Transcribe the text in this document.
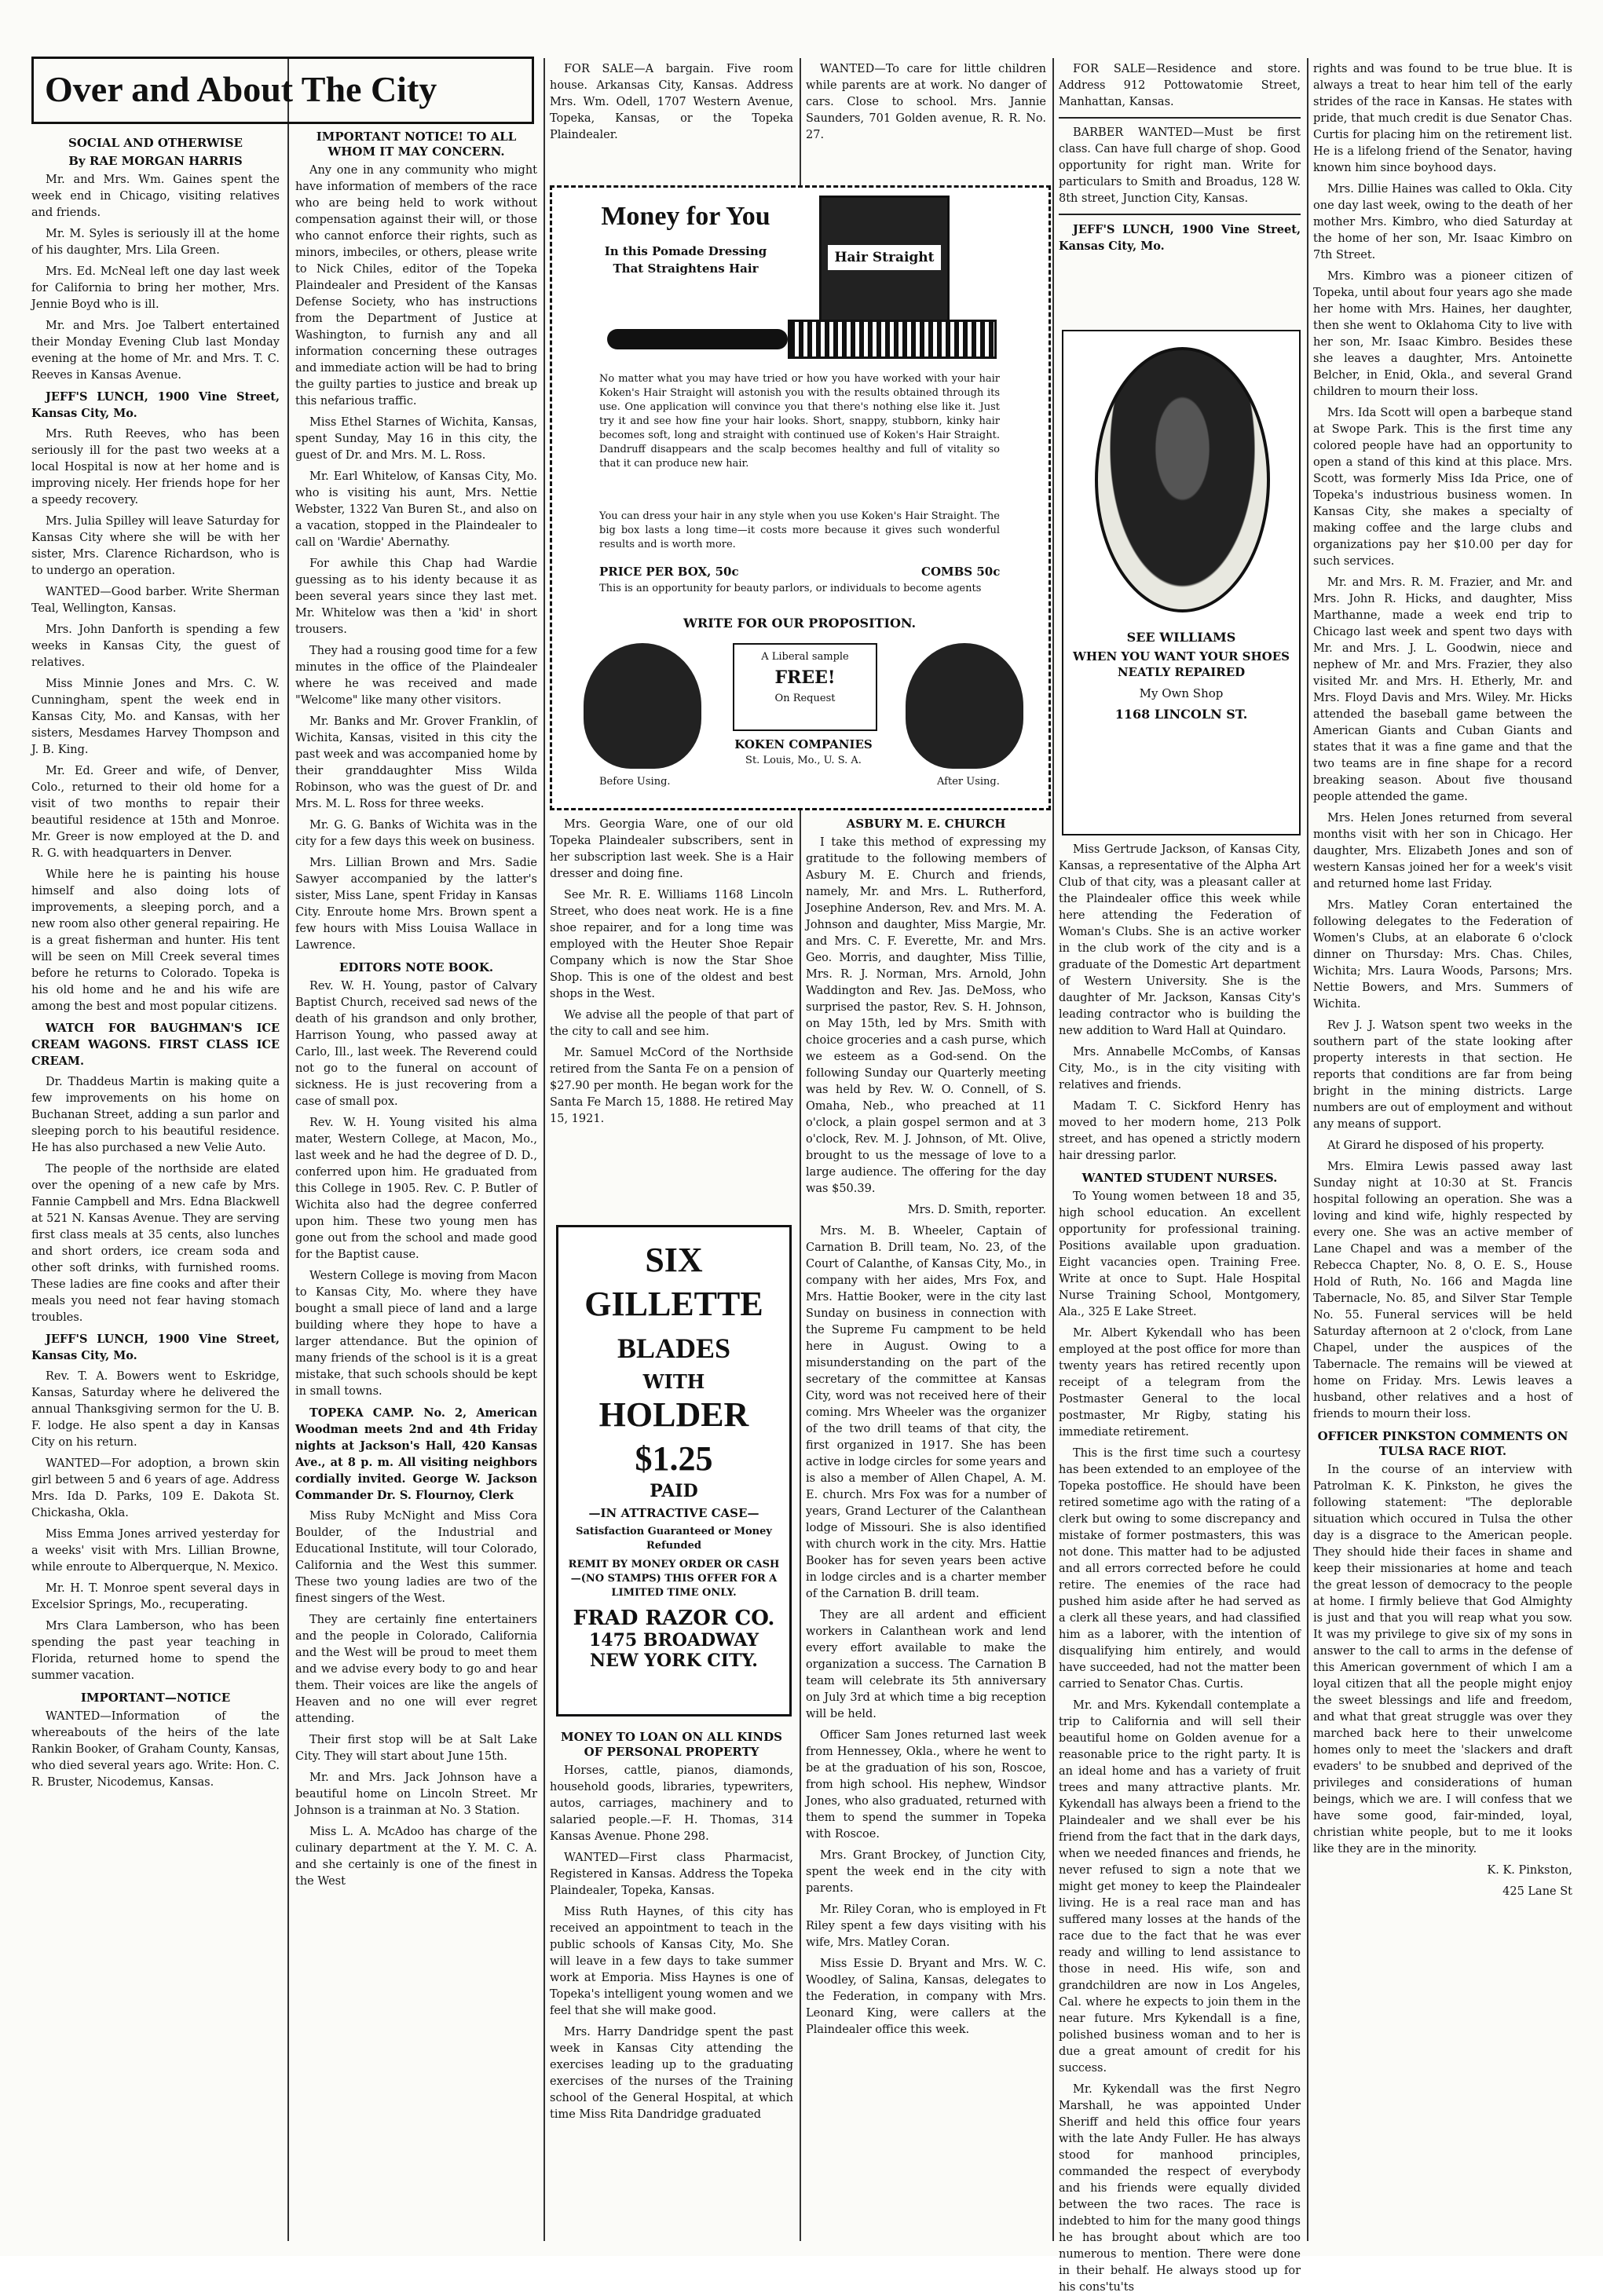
Over and About The City
SOCIAL AND OTHERWISE
By RAE MORGAN HARRIS

Mr. and Mrs. Wm. Gaines spent the week end in Chicago, visiting relatives and friends.

Mr. M. Syles is seriously ill at the home of his daughter, Mrs. Lila Green.

Mrs. Ed. McNeal left one day last week for California to bring her mother, Mrs. Jennie Boyd who is ill.

Mr. and Mrs. Joe Talbert entertained their Monday Evening Club last Monday evening at the home of Mr. and Mrs. T. C. Reeves in Kansas Avenue.

JEFF'S LUNCH, 1900 Vine Street, Kansas City, Mo.

Mrs. Ruth Reeves, who has been seriously ill for the past two weeks at a local Hospital is now at her home and is improving nicely. Her friends hope for her a speedy recovery.

Mrs. Julia Spilley will leave Saturday for Kansas City where she will be with her sister, Mrs. Clarence Richardson, who is to undergo an operation.

WANTED—Good barber. Write Sherman Teal, Wellington, Kansas.

Mrs. John Danforth is spending a few weeks in Kansas City, the guest of relatives.

Miss Minnie Jones and Mrs. C. W. Cunningham, spent the week end in Kansas City, Mo. and Kansas, with her sisters, Mesdames Harvey Thompson and J. B. King.

Mr. Ed. Greer and wife, of Denver, Colo., returned to their old home for a visit of two months to repair their beautiful residence at 15th and Monroe. Mr. Greer is now employed at the D. and R. G. with headquarters in Denver.

While here he is painting his house himself and also doing lots of improvements, a sleeping porch, and a new room also other general repairing. He is a great fisherman and hunter. His tent will be seen on Mill Creek several times before he returns to Colorado. Topeka is his old home and he and his wife are among the best and most popular citizens.

WATCH FOR BAUGHMAN'S ICE CREAM WAGONS. FIRST CLASS ICE CREAM.

Dr. Thaddeus Martin is making quite a few improvements on his home on Buchanan Street, adding a sun parlor and sleeping porch to his beautiful residence. He has also purchased a new Velie Auto.

The people of the northside are elated over the opening of a new cafe by Mrs. Fannie Campbell and Mrs. Edna Blackwell at 521 N. Kansas Avenue. They are serving first class meals at 35 cents, also lunches and short orders, ice cream soda and other soft drinks, with furnished rooms. These ladies are fine cooks and after their meals you need not fear having stomach troubles.

JEFF'S LUNCH, 1900 Vine Street, Kansas City, Mo.

Rev. T. A. Bowers went to Eskridge, Kansas, Saturday where he delivered the annual Thanksgiving sermon for the U. B. F. lodge. He also spent a day in Kansas City on his return.

WANTED—For adoption, a brown skin girl between 5 and 6 years of age. Address Mrs. Ida D. Parks, 109 E. Dakota St. Chickasha, Okla.

Miss Emma Jones arrived yesterday for a weeks' visit with Mrs. Lillian Browne, while enroute to Alberquerque, N. Mexico.

Mr. H. T. Monroe spent several days in Excelsior Springs, Mo., recuperating.

Mrs Clara Lamberson, who has been spending the past year teaching in Florida, returned home to spend the summer vacation.

IMPORTANT—NOTICE

WANTED—Information of the whereabouts of the heirs of the late Rankin Booker, of Graham County, Kansas, who died several years ago. Write: Hon. C. R. Bruster, Nicodemus, Kansas.

IMPORTANT NOTICE! TO ALL WHOM IT MAY CONCERN.

Any one in any community who might have information of members of the race who are being held to work without compensation against their will, or those who cannot enforce their rights, such as minors, imbeciles, or others, please write to Nick Chiles, editor of the Topeka Plaindealer and President of the Kansas Defense Society, who has instructions from the Department of Justice at Washington, to furnish any and all information concerning these outrages and immediate action will be had to bring the guilty parties to justice and break up this nefarious traffic.

Miss Ethel Starnes of Wichita, Kansas, spent Sunday, May 16 in this city, the guest of Dr. and Mrs. M. L. Ross.

Mr. Earl Whitelow, of Kansas City, Mo. who is visiting his aunt, Mrs. Nettie Webster, 1322 Van Buren St., and also on a vacation, stopped in the Plaindealer to call on 'Wardie' Abernathy.

For awhile this Chap had Wardie guessing as to his identy because it as been several years since they last met. Mr. Whitelow was then a 'kid' in short trousers.

They had a rousing good time for a few minutes in the office of the Plaindealer where he was received and made "Welcome" like many other visitors.

Mr. Banks and Mr. Grover Franklin, of Wichita, Kansas, visited in this city the past week and was accompanied home by their granddaughter Miss Wilda Robinson, who was the guest of Dr. and Mrs. M. L. Ross for three weeks.

Mr. G. G. Banks of Wichita was in the city for a few days this week on business.

Mrs. Lillian Brown and Mrs. Sadie Sawyer accompanied by the latter's sister, Miss Lane, spent Friday in Kansas City. Enroute home Mrs. Brown spent a few hours with Miss Louisa Wallace in Lawrence.

EDITORS NOTE BOOK.

Rev. W. H. Young, pastor of Calvary Baptist Church, received sad news of the death of his grandson and only brother, Harrison Young, who passed away at Carlo, Ill., last week. The Reverend could not go to the funeral on account of sickness. He is just recovering from a case of small pox.

Rev. W. H. Young visited his alma mater, Western College, at Macon, Mo., last week and he had the degree of D. D., conferred upon him. He graduated from this College in 1905. Rev. C. P. Butler of Wichita also had the degree conferred upon him. These two young men has gone out from the school and made good for the Baptist cause.

Western College is moving from Macon to Kansas City, Mo. where they have bought a small piece of land and a large building where they hope to have a larger attendance. But the opinion of many friends of the school is it is a great mistake, that such schools should be kept in small towns.

TOPEKA CAMP. No. 2, American Woodman meets 2nd and 4th Friday nights at Jackson's Hall, 420 Kansas Ave., at 8 p. m. All visiting neighbors cordially invited. George W. Jackson Commander Dr. S. Flournoy, Clerk

Miss Ruby McNight and Miss Cora Boulder, of the Industrial and Educational Institute, will tour Colorado, California and the West this summer. These two young ladies are two of the finest singers of the West.

They are certainly fine entertainers and the people in Colorado, California and the West will be proud to meet them and we advise every body to go and hear them. Their voices are like the angels of Heaven and no one will ever regret attending.

Their first stop will be at Salt Lake City. They will start about June 15th.

Mr. and Mrs. Jack Johnson have a beautiful home on Lincoln Street. Mr Johnson is a trainman at No. 3 Station.

Miss L. A. McAdoo has charge of the culinary department at the Y. M. C. A. and she certainly is one of the finest in the West

FOR SALE—A bargain. Five room house. Arkansas City, Kansas. Address Mrs. Wm. Odell, 1707 Western Avenue, Topeka, Kansas, or the Topeka Plaindealer.

WANTED—To care for little children while parents are at work. No danger of cars. Close to school. Mrs. Jannie Saunders, 701 Golden avenue, R. R. No. 27.

Money for You
In this Pomade Dressing
That Straightens Hair
Hair Straight
No matter what you may have tried or how you have worked with your hair Koken's Hair Straight will astonish you with the results obtained through its use. One application will convince you that there's nothing else like it. Just try it and see how fine your hair looks. Short, snappy, stubborn, kinky hair becomes soft, long and straight with continued use of Koken's Hair Straight. Dandruff disappears and the scalp becomes healthy and full of vitality so that it can produce new hair.
You can dress your hair in any style when you use Koken's Hair Straight. The big box lasts a long time—it costs more because it gives such wonderful results and is worth more.
PRICE PER BOX, 50c	COMBS 50c
This is an opportunity for beauty parlors, or individuals to become agents
WRITE FOR OUR PROPOSITION.
A Liberal sample
FREE!
On Request
KOKEN COMPANIES
St. Louis, Mo., U. S. A.
Before Using.	After Using.

Mrs. Georgia Ware, one of our old Topeka Plaindealer subscribers, sent in her subscription last week. She is a Hair dresser and doing fine.

See Mr. R. E. Williams 1168 Lincoln Street, who does neat work. He is a fine shoe repairer, and for a long time was employed with the Heuter Shoe Repair Company which is now the Star Shoe Shop. This is one of the oldest and best shops in the West.

We advise all the people of that part of the city to call and see him.

Mr. Samuel McCord of the Northside retired from the Santa Fe on a pension of $27.90 per month. He began work for the Santa Fe March 15, 1888. He retired May 15, 1921.

SIX
GILLETTE
BLADES
WITH
HOLDER
$1.25
PAID
—IN ATTRACTIVE CASE—
Satisfaction Guaranteed or Money Refunded
REMIT BY MONEY ORDER OR CASH—(NO STAMPS) THIS OFFER FOR A LIMITED TIME ONLY.
FRAD RAZOR CO.
1475 BROADWAY
NEW YORK CITY.
MONEY TO LOAN ON ALL KINDS OF PERSONAL PROPERTY

Horses, cattle, pianos, diamonds, household goods, libraries, typewriters, autos, carriages, machinery and to salaried people.—F. H. Thomas, 314 Kansas Avenue. Phone 298.

WANTED—First class Pharmacist, Registered in Kansas. Address the Topeka Plaindealer, Topeka, Kansas.

Miss Ruth Haynes, of this city has received an appointment to teach in the public schools of Kansas City, Mo. She will leave in a few days to take summer work at Emporia. Miss Haynes is one of Topeka's intelligent young women and we feel that she will make good.

Mrs. Harry Dandridge spent the past week in Kansas City attending the exercises leading up to the graduating exercises of the nurses of the Training school of the General Hospital, at which time Miss Rita Dandridge graduated

ASBURY M. E. CHURCH

I take this method of expressing my gratitude to the following members of Asbury M. E. Church and friends, namely, Mr. and Mrs. L. Rutherford, Josephine Anderson, Rev. and Mrs. M. A. Johnson and daughter, Miss Margie, Mr. and Mrs. C. F. Everette, Mr. and Mrs. Geo. Morris, and daughter, Miss Tillie, Mrs. R. J. Norman, Mrs. Arnold, John Waddington and Rev. Jas. DeMoss, who surprised the pastor, Rev. S. H. Johnson, on May 15th, led by Mrs. Smith with choice groceries and a cash purse, which we esteem as a God-send. On the following Sunday our Quarterly meeting was held by Rev. W. O. Connell, of S. Omaha, Neb., who preached at 11 o'clock, a plain gospel sermon and at 3 o'clock, Rev. M. J. Johnson, of Mt. Olive, brought to us the message of love to a large audience. The offering for the day was $50.39.

Mrs. D. Smith, reporter.

Mrs. M. B. Wheeler, Captain of Carnation B. Drill team, No. 23, of the Court of Calanthe, of Kansas City, Mo., in company with her aides, Mrs Fox, and Mrs. Hattie Booker, were in the city last Sunday on business in connection with the Supreme Fu campment to be held here in August. Owing to a misunderstanding on the part of the secretary of the committee at Kansas City, word was not received here of their coming. Mrs Wheeler was the organizer of the two drill teams of that city, the first organized in 1917. She has been active in lodge circles for some years and is also a member of Allen Chapel, A. M. E. church. Mrs Fox was for a number of years, Grand Lecturer of the Calanthean lodge of Missouri. She is also identified with church work in the city. Mrs. Hattie Booker has for seven years been active in lodge circles and is a charter member of the Carnation B. drill team.

They are all ardent and efficient workers in Calanthean work and lend every effort available to make the organization a success. The Carnation B team will celebrate its 5th anniversary on July 3rd at which time a big reception will be held.

Officer Sam Jones returned last week from Hennessey, Okla., where he went to be at the graduation of his son, Roscoe, from high school. His nephew, Windsor Jones, who also graduated, returned with them to spend the summer in Topeka with Roscoe.

Mrs. Grant Brockey, of Junction City, spent the week end in the city with parents.

Mr. Riley Coran, who is employed in Ft Riley spent a few days visiting with his wife, Mrs. Matley Coran.

Miss Essie D. Bryant and Mrs. W. C. Woodley, of Salina, Kansas, delegates to the Federation, in company with Mrs. Leonard King, were callers at the Plaindealer office this week.

FOR SALE—Residence and store. Address 912 Pottowatomie Street, Manhattan, Kansas.

BARBER WANTED—Must be first class. Can have full charge of shop. Good opportunity for right man. Write for particulars to Smith and Broadus, 128 W. 8th street, Junction City, Kansas.

JEFF'S LUNCH, 1900 Vine Street, Kansas City, Mo.

SEE WILLIAMS
WHEN YOU WANT YOUR SHOES NEATLY REPAIRED
My Own Shop
1168 LINCOLN ST.

Miss Gertrude Jackson, of Kansas City, Kansas, a representative of the Alpha Art Club of that city, was a pleasant caller at the Plaindealer office this week while here attending the Federation of Woman's Clubs. She is an active worker in the club work of the city and is a graduate of the Domestic Art department of Western University. She is the daughter of Mr. Jackson, Kansas City's leading contractor who is building the new addition to Ward Hall at Quindaro.

Mrs. Annabelle McCombs, of Kansas City, Mo., is in the city visiting with relatives and friends.

Madam T. C. Sickford Henry has moved to her modern home, 213 Polk street, and has opened a strictly modern hair dressing parlor.

WANTED STUDENT NURSES.

To Young women between 18 and 35, high school education. An excellent opportunity for professional training. Positions available upon graduation. Eight vacancies open. Training Free. Write at once to Supt. Hale Hospital Nurse Training School, Montgomery, Ala., 325 E Lake Street.

Mr. Albert Kykendall who has been employed at the post office for more than twenty years has retired recently upon receipt of a telegram from the Postmaster General to the local postmaster, Mr Rigby, stating his immediate retirement.

This is the first time such a courtesy has been extended to an employee of the Topeka postoffice. He should have been retired sometime ago with the rating of a clerk but owing to some discrepancy and mistake of former postmasters, this was not done. This matter had to be adjusted and all errors corrected before he could retire. The enemies of the race had pushed him aside after he had served as a clerk all these years, and had classified him as a laborer, with the intention of disqualifying him entirely, and would have succeeded, had not the matter been carried to Senator Chas. Curtis.

Mr. and Mrs. Kykendall contemplate a trip to California and will sell their beautiful home on Golden avenue for a reasonable price to the right party. It is an ideal home and has a variety of fruit trees and many attractive plants. Mr. Kykendall has always been a friend to the Plaindealer and we shall ever be his friend from the fact that in the dark days, when we needed finances and friends, he never refused to sign a note that we might get money to keep the Plaindealer living. He is a real race man and has suffered many losses at the hands of the race due to the fact that he was ever ready and willing to lend assistance to those in need. His wife, son and grandchildren are now in Los Angeles, Cal. where he expects to join them in the near future. Mrs Kykendall is a fine, polished business woman and to her is due a great amount of credit for his success.

Mr. Kykendall was the first Negro Marshall, he was appointed Under Sheriff and held this office four years with the late Andy Fuller. He has always stood for manhood principles, commanded the respect of everybody and his friends were equally divided between the two races. The race is indebted to him for the many good things he has brought about which are too numerous to mention. There were done in their behalf. He always stood up for his cons'tu'ts

rights and was found to be true blue. It is always a treat to hear him tell of the early strides of the race in Kansas. He states with pride, that much credit is due Senator Chas. Curtis for placing him on the retirement list. He is a lifelong friend of the Senator, having known him since boyhood days.

Mrs. Dillie Haines was called to Okla. City one day last week, owing to the death of her mother Mrs. Kimbro, who died Saturday at the home of her son, Mr. Isaac Kimbro on 7th Street.

Mrs. Kimbro was a pioneer citizen of Topeka, until about four years ago she made her home with Mrs. Haines, her daughter, then she went to Oklahoma City to live with her son, Mr. Isaac Kimbro. Besides these she leaves a daughter, Mrs. Antoinette Belcher, in Enid, Okla., and several Grand children to mourn their loss.

Mrs. Ida Scott will open a barbeque stand at Swope Park. This is the first time any colored people have had an opportunity to open a stand of this kind at this place. Mrs. Scott, was formerly Miss Ida Price, one of Topeka's industrious business women. In Kansas City, she makes a specialty of making coffee and the large clubs and organizations pay her $10.00 per day for such services.

Mr. and Mrs. R. M. Frazier, and Mr. and Mrs. John R. Hicks, and daughter, Miss Marthanne, made a week end trip to Chicago last week and spent two days with Mr. and Mrs. J. L. Goodwin, niece and nephew of Mr. and Mrs. Frazier, they also visited Mr. and Mrs. H. Etherly, Mr. and Mrs. Floyd Davis and Mrs. Wiley. Mr. Hicks attended the baseball game between the American Giants and Cuban Giants and states that it was a fine game and that the two teams are in fine shape for a record breaking season. About five thousand people attended the game.

Mrs. Helen Jones returned from several months visit with her son in Chicago. Her daughter, Mrs. Elizabeth Jones and son of western Kansas joined her for a week's visit and returned home last Friday.

Mrs. Matley Coran entertained the following delegates to the Federation of Women's Clubs, at an elaborate 6 o'clock dinner on Thursday: Mrs. Chas. Chiles, Wichita; Mrs. Laura Woods, Parsons; Mrs. Nettie Bowers, and Mrs. Summers of Wichita.

Rev J. J. Watson spent two weeks in the southern part of the state looking after property interests in that section. He reports that conditions are far from being bright in the mining districts. Large numbers are out of employment and without any means of support.

At Girard he disposed of his property.

Mrs. Elmira Lewis passed away last Sunday night at 10:30 at St. Francis hospital following an operation. She was a loving and kind wife, highly respected by every one. She was an active member of Lane Chapel and was a member of the Rebecca Chapter, No. 8, O. E. S., House Hold of Ruth, No. 166 and Magda line Tabernacle, No. 85, and Silver Star Temple No. 55. Funeral services will be held Saturday afternoon at 2 o'clock, from Lane Chapel, under the auspices of the Tabernacle. The remains will be viewed at home on Friday. Mrs. Lewis leaves a husband, other relatives and a host of friends to mourn their loss.

OFFICER PINKSTON COMMENTS ON TULSA RACE RIOT.

In the course of an interview with Patrolman K. K. Pinkston, he gives the following statement: "The deplorable situation which occured in Tulsa the other day is a disgrace to the American people. They should hide their faces in shame and keep their missionaries at home and teach the great lesson of democracy to the people at home. I firmly believe that God Almighty is just and that you will reap what you sow. It was my privilege to give six of my sons in answer to the call to arms in the defense of this American government of which I am a loyal citizen that all the people might enjoy the sweet blessings and life and freedom, and what that great struggle was over they marched back here to their unwelcome homes only to meet the 'slackers and draft evaders' to be snubbed and deprived of the privileges and considerations of human beings, which we are. I will confess that we have some good, fair-minded, loyal, christian white people, but to me it looks like they are in the minority.

K. K. Pinkston,

425 Lane St
